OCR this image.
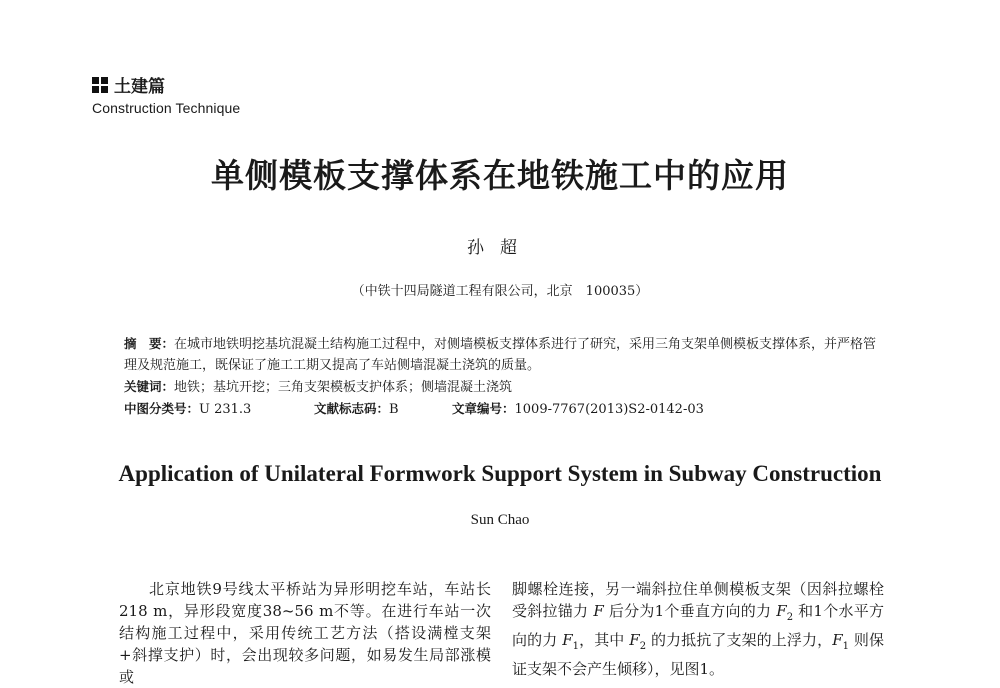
土建篇
Construction Technique
单侧模板支撑体系在地铁施工中的应用
孙超
（中铁十四局隧道工程有限公司，北京　100035）
摘　要：在城市地铁明挖基坑混凝土结构施工过程中，对侧墙模板支撑体系进行了研究，采用三角支架单侧模板支撑体系，并严格管理及规范施工，既保证了施工工期又提高了车站侧墙混凝土浇筑的质量。
关键词：地铁；基坑开挖；三角支架模板支护体系；侧墙混凝土浇筑
中图分类号：U 231.3	文献标志码：B	文章编号：1009-7767(2013)S2-0142-03
Application of Unilateral Formwork Support System in Subway Construction
Sun Chao
北京地铁9号线太平桥站为异形明挖车站，车站长218 m，异形段宽度38~56 m不等。在进行车站一次结构施工过程中，采用传统工艺方法（搭设满樘支架+斜撑支护）时，会出现较多问题，如易发生局部涨模或
脚螺栓连接，另一端斜拉住单侧模板支架（因斜拉螺栓受斜拉锚力 F 后分为1个垂直方向的力 $F_2$ 和1个水平方向的力 $F_1$，其中 $F_2$ 的力抵抗了支架的上浮力，$F_1$ 则保证支架不会产生倾移），见图1。
